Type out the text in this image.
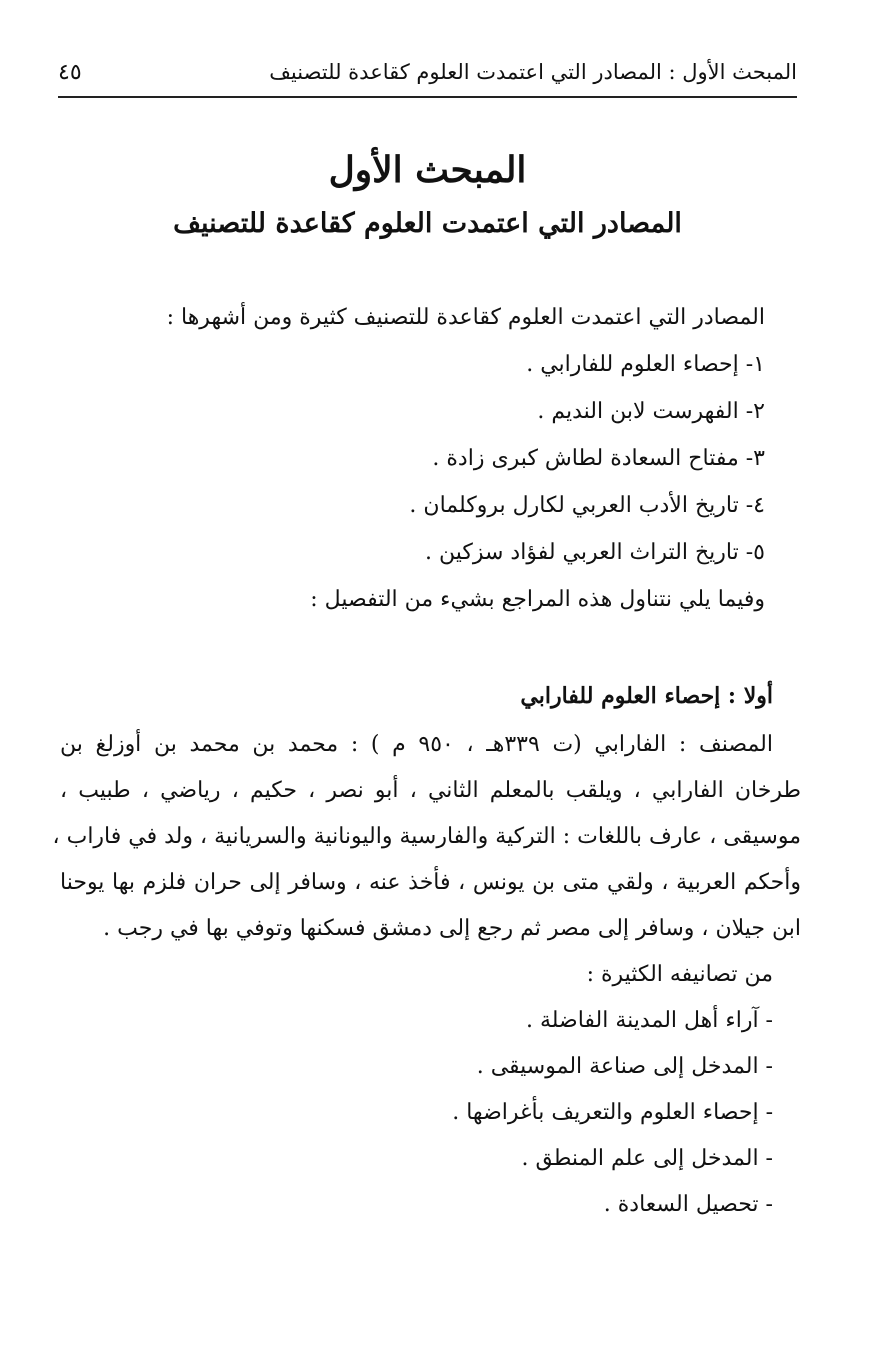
المبحث الأول : المصادر التي اعتمدت العلوم كقاعدة للتصنيف
٤٥
المبحث الأول
المصادر التي اعتمدت العلوم كقاعدة للتصنيف
المصادر التي اعتمدت العلوم كقاعدة للتصنيف كثيرة ومن أشهرها :
١- إحصاء العلوم للفارابي .
٢- الفهرست لابن النديم .
٣- مفتاح السعادة لطاش كبرى زادة .
٤- تاريخ الأدب العربي لكارل بروكلمان .
٥- تاريخ التراث العربي لفؤاد سزكين .
وفيما يلي نتناول هذه المراجع بشيء من التفصيل :
أولا : إحصاء العلوم للفارابي
المصنف : الفارابي (ت ٣٣٩هـ ، ٩٥٠ م ) : محمد بن محمد بن أوزلغ بن
طرخان الفارابي ، ويلقب بالمعلم الثاني ، أبو نصر ، حكيم ، رياضي ، طبيب ،
موسيقى ، عارف باللغات : التركية والفارسية واليونانية والسريانية ، ولد في فاراب ،
وأحكم العربية ، ولقي متى بن يونس ، فأخذ عنه ، وسافر إلى حران فلزم بها يوحنا
ابن جيلان ، وسافر إلى مصر ثم رجع إلى دمشق فسكنها وتوفي بها في رجب .
من تصانيفه الكثيرة :
- آراء أهل المدينة الفاضلة .
- المدخل إلى صناعة الموسيقى .
- إحصاء العلوم والتعريف بأغراضها .
- المدخل إلى علم المنطق .
- تحصيل السعادة .
